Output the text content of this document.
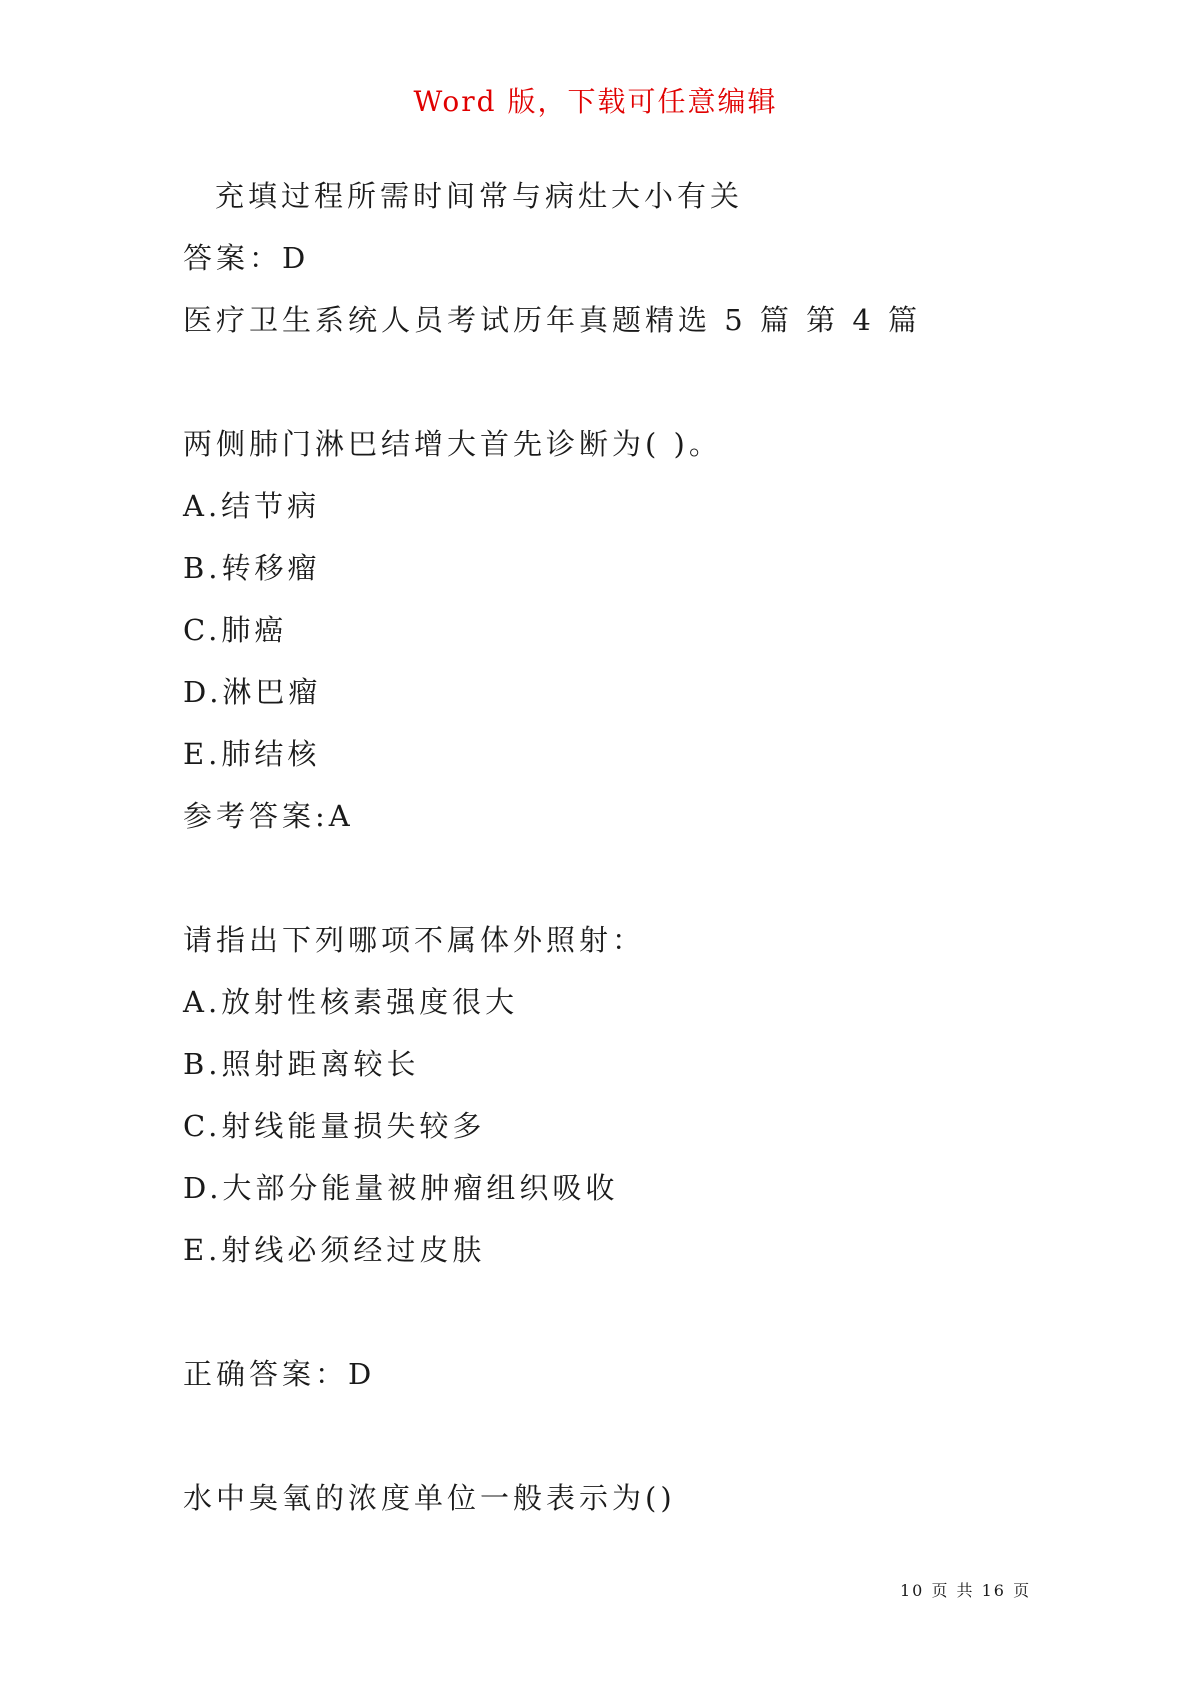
Word 版，下载可任意编辑
充填过程所需时间常与病灶大小有关
答案：D
医疗卫生系统人员考试历年真题精选 5 篇 第 4 篇
两侧肺门淋巴结增大首先诊断为( )。
A.结节病
B.转移瘤
C.肺癌
D.淋巴瘤
E.肺结核
参考答案:A
请指出下列哪项不属体外照射：
A.放射性核素强度很大
B.照射距离较长
C.射线能量损失较多
D.大部分能量被肿瘤组织吸收
E.射线必须经过皮肤
正确答案：D
水中臭氧的浓度单位一般表示为()
10 页 共 16 页
